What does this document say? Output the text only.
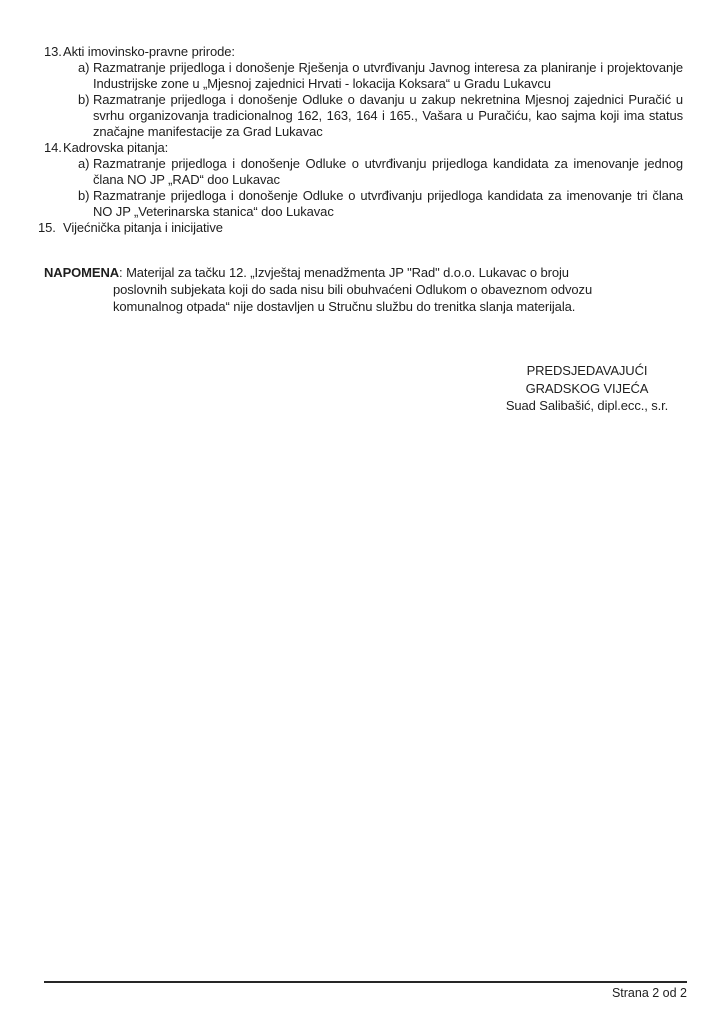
13. Akti imovinsko-pravne prirode:
a) Razmatranje prijedloga i donošenje Rješenja o utvrđivanju Javnog interesa za planiranje i projektovanje Industrijske zone u „Mjesnoj zajednici Hrvati - lokacija Koksara“ u Gradu Lukavcu
b) Razmatranje prijedloga i donošenje Odluke o davanju u zakup nekretnina Mjesnoj zajednici Puračić u svrhu organizovanja tradicionalnog 162, 163, 164 i 165., Vašara u Puračiću, kao sajma koji ima status značajne manifestacije za Grad Lukavac
14. Kadrovska pitanja:
a) Razmatranje prijedloga i donošenje Odluke o utvrđivanju prijedloga kandidata za imenovanje jednog člana NO JP „RAD“ doo Lukavac
b) Razmatranje prijedloga i donošenje Odluke o utvrđivanju prijedloga kandidata za imenovanje tri člana NO JP „Veterinarska stanica“ doo Lukavac
15. Vijećnička pitanja i inicijative

NAPOMENA: Materijal za tačku 12. „Izvještaj menadžmenta JP "Rad" d.o.o. Lukavac o broju poslovnih subjekata koji do sada nisu bili obuhvaćeni Odlukom o obaveznom odvozu komunalnog otpada“ nije dostavljen u Stručnu službu do trenitka slanja materijala.

PREDSJEDAVAJUĆI
GRADSKOG VIJEĆA
Suad Salibašić, dipl.ecc., s.r.
Strana 2 od 2
